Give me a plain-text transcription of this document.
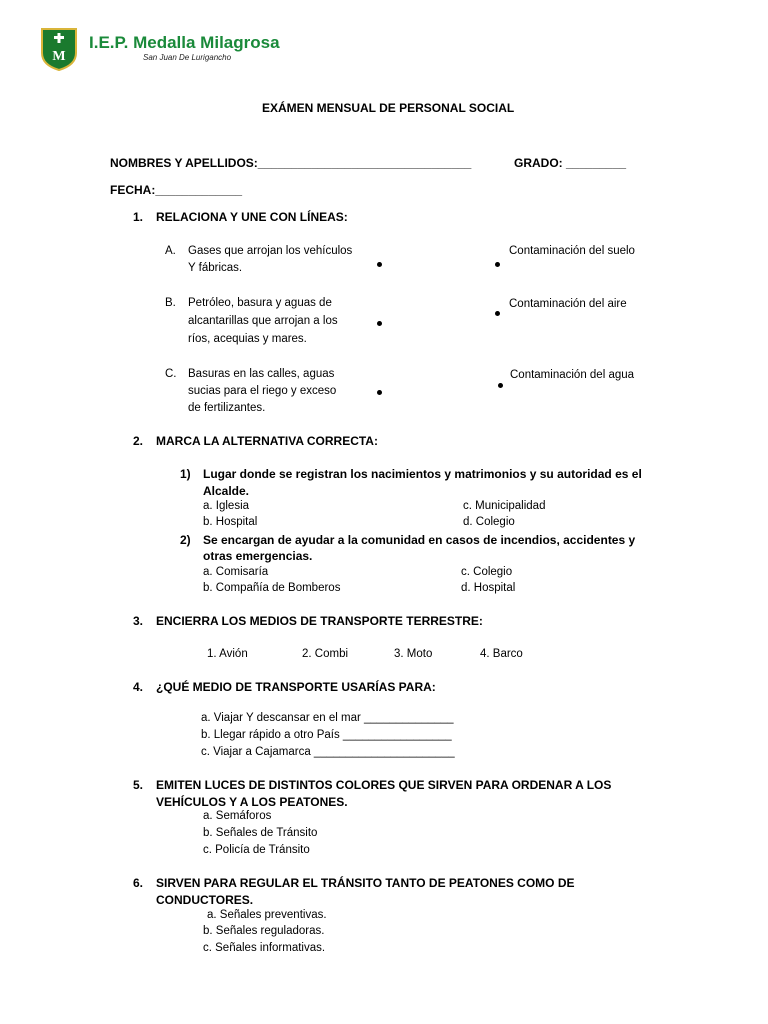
M
I.E.P. Medalla Milagrosa
San Juan De Lurigancho
EXÁMEN MENSUAL DE PERSONAL SOCIAL
NOMBRES Y APELLIDOS:________________________________	GRADO: _________
FECHA:_____________
1. RELACIONA Y UNE CON LÍNEAS:
A. Gases que arrojan los vehículos
Y fábricas.
B. Petróleo, basura y aguas de
alcantarillas que arrojan a los
ríos, acequias y mares.
C. Basuras en las calles, aguas
sucias para el riego y exceso
de fertilizantes.
Contaminación del suelo
Contaminación del aire
Contaminación del agua
2. MARCA LA ALTERNATIVA CORRECTA:
1) Lugar donde se registran los nacimientos y matrimonios y su autoridad es el
Alcalde.
a. Iglesia	c. Municipalidad
b. Hospital	d. Colegio
2) Se encargan de ayudar a la comunidad en casos de incendios, accidentes y
otras emergencias.
a. Comisaría	c. Colegio
b. Compañía de Bomberos	d. Hospital
3. ENCIERRA LOS MEDIOS DE TRANSPORTE TERRESTRE:
1. Avión	2. Combi	3. Moto	4. Barco
4. ¿QUÉ MEDIO DE TRANSPORTE USARÍAS PARA:
a. Viajar Y descansar en el mar ______________
b. Llegar rápido a otro País _________________
c. Viajar a Cajamarca ______________________
5. EMITEN LUCES DE DISTINTOS COLORES QUE SIRVEN PARA ORDENAR A LOS
VEHÍCULOS Y A LOS PEATONES.
a. Semáforos
b. Señales de Tránsito
c. Policía de Tránsito
6. SIRVEN PARA REGULAR EL TRÁNSITO TANTO DE PEATONES COMO DE
CONDUCTORES.
a. Señales preventivas.
b. Señales reguladoras.
c. Señales informativas.
